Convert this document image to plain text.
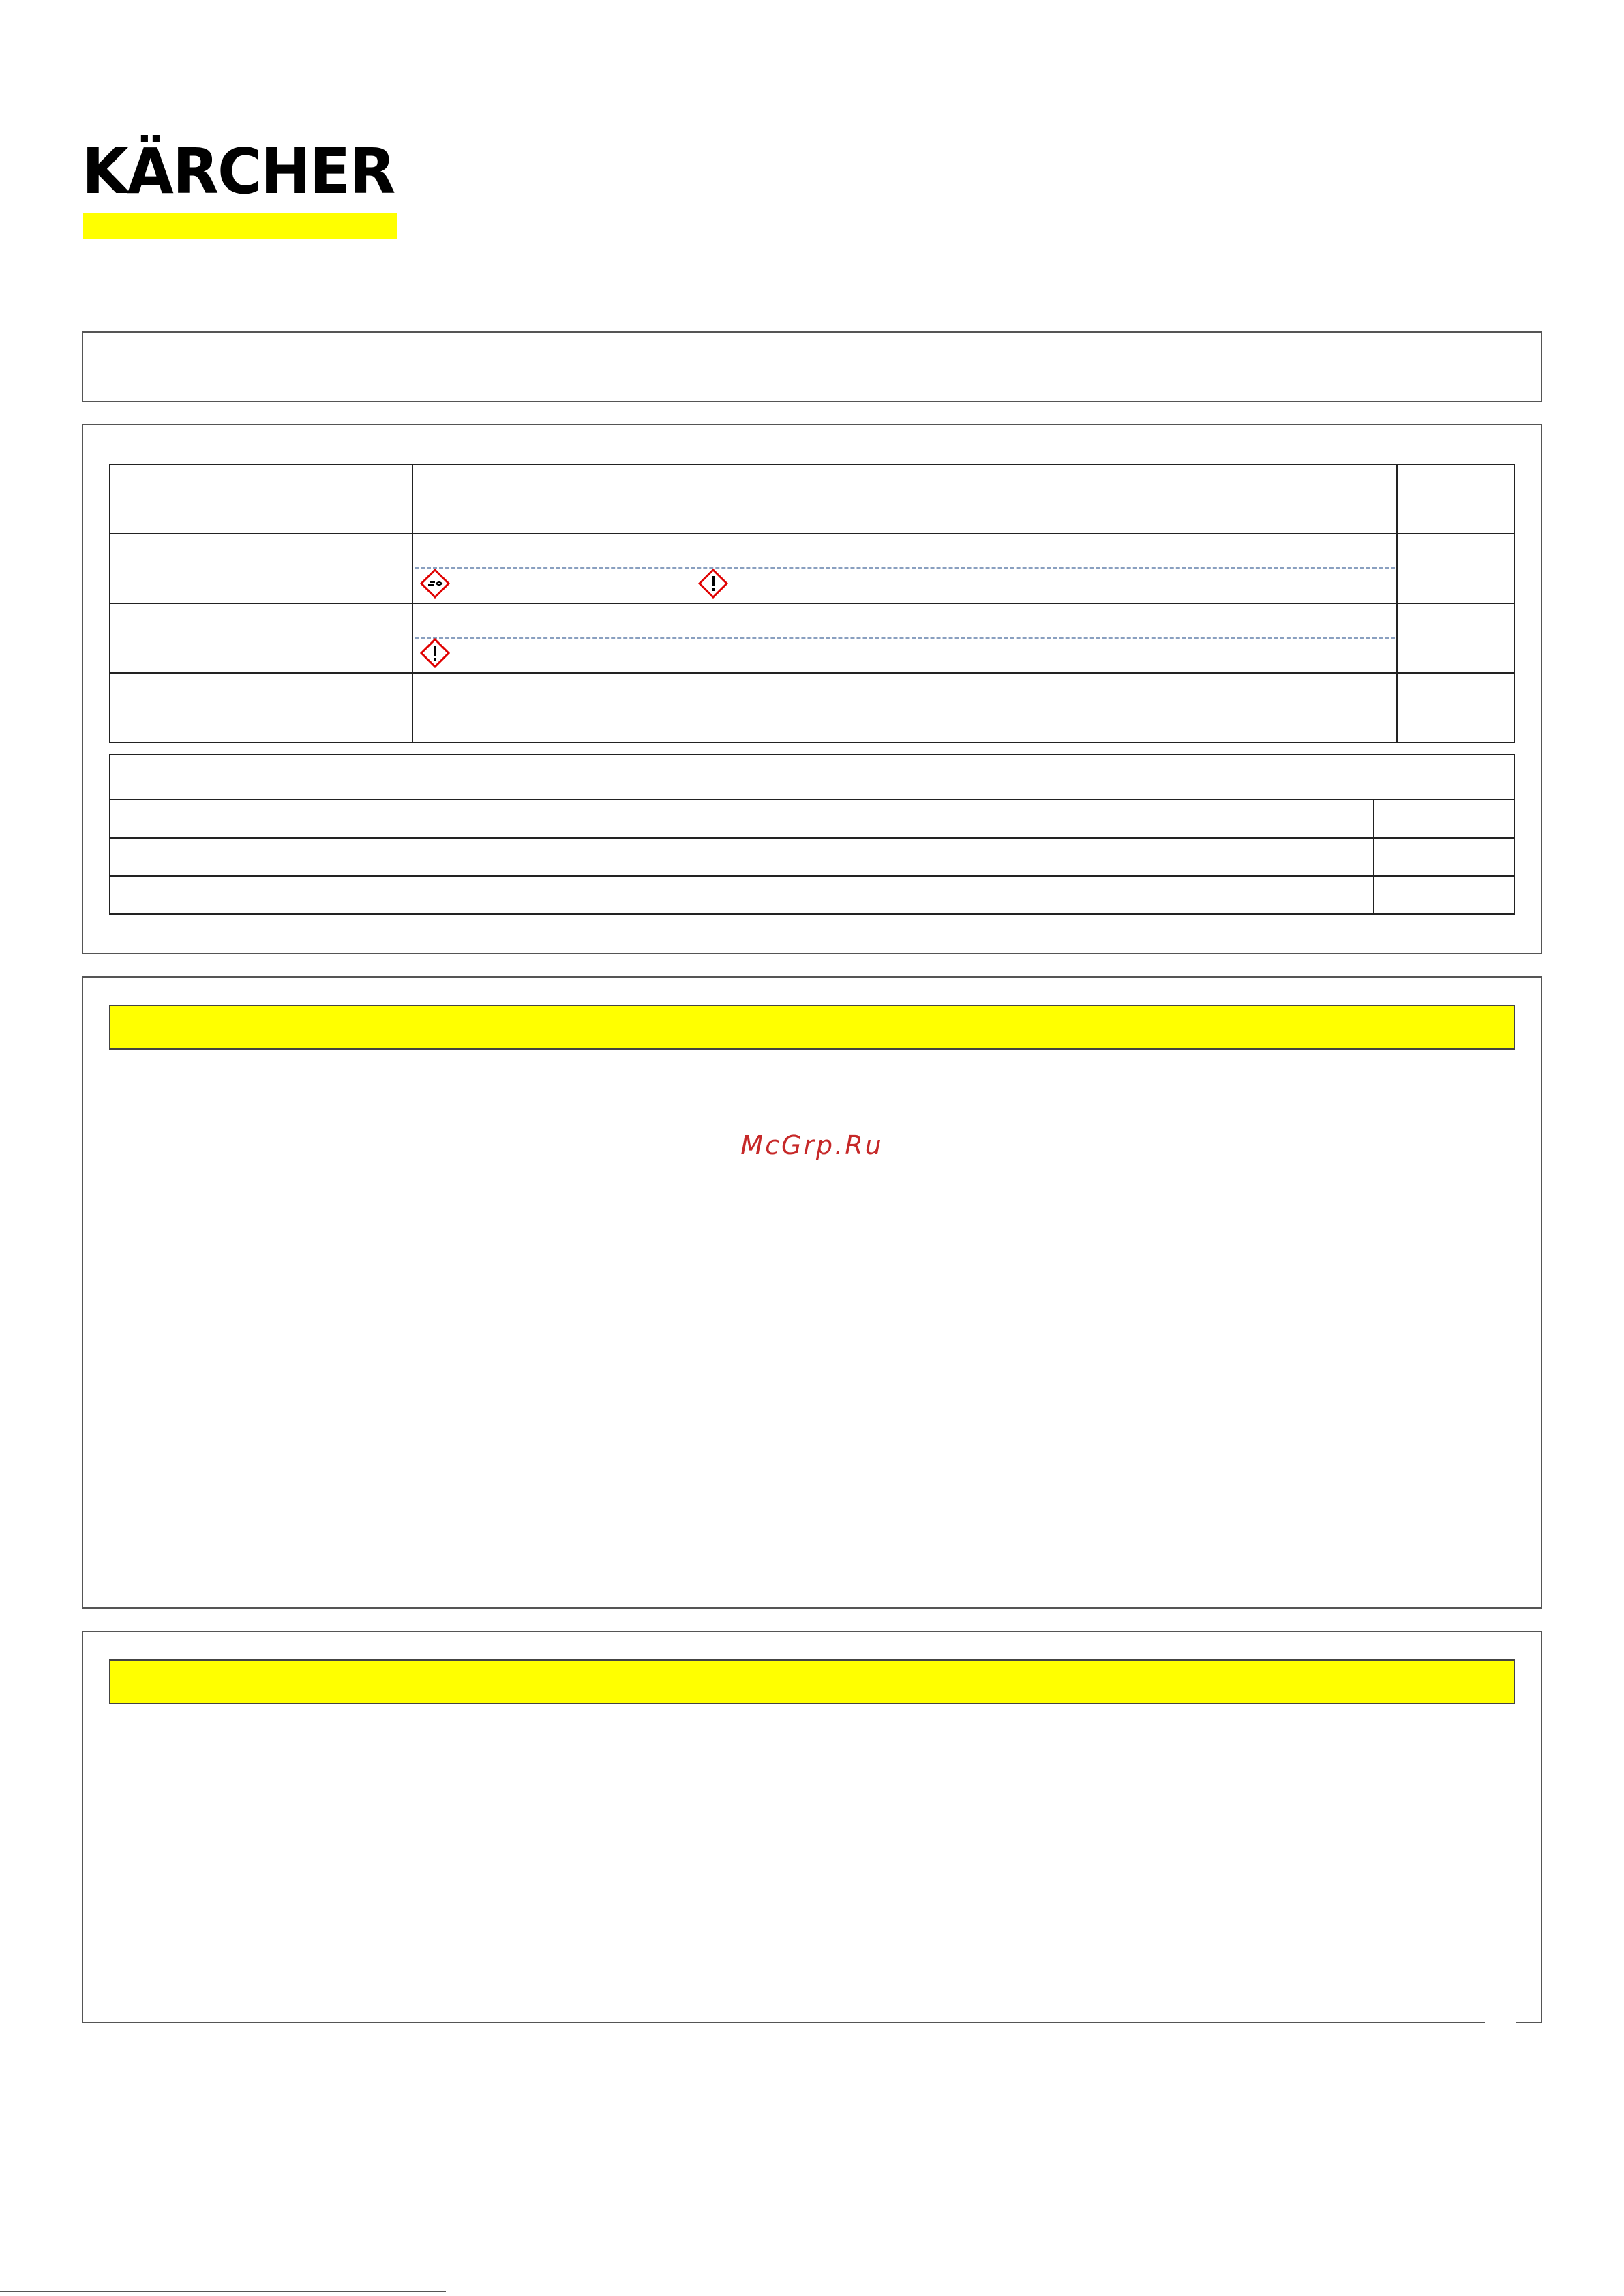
KÄRCHER
McGrp.Ru
